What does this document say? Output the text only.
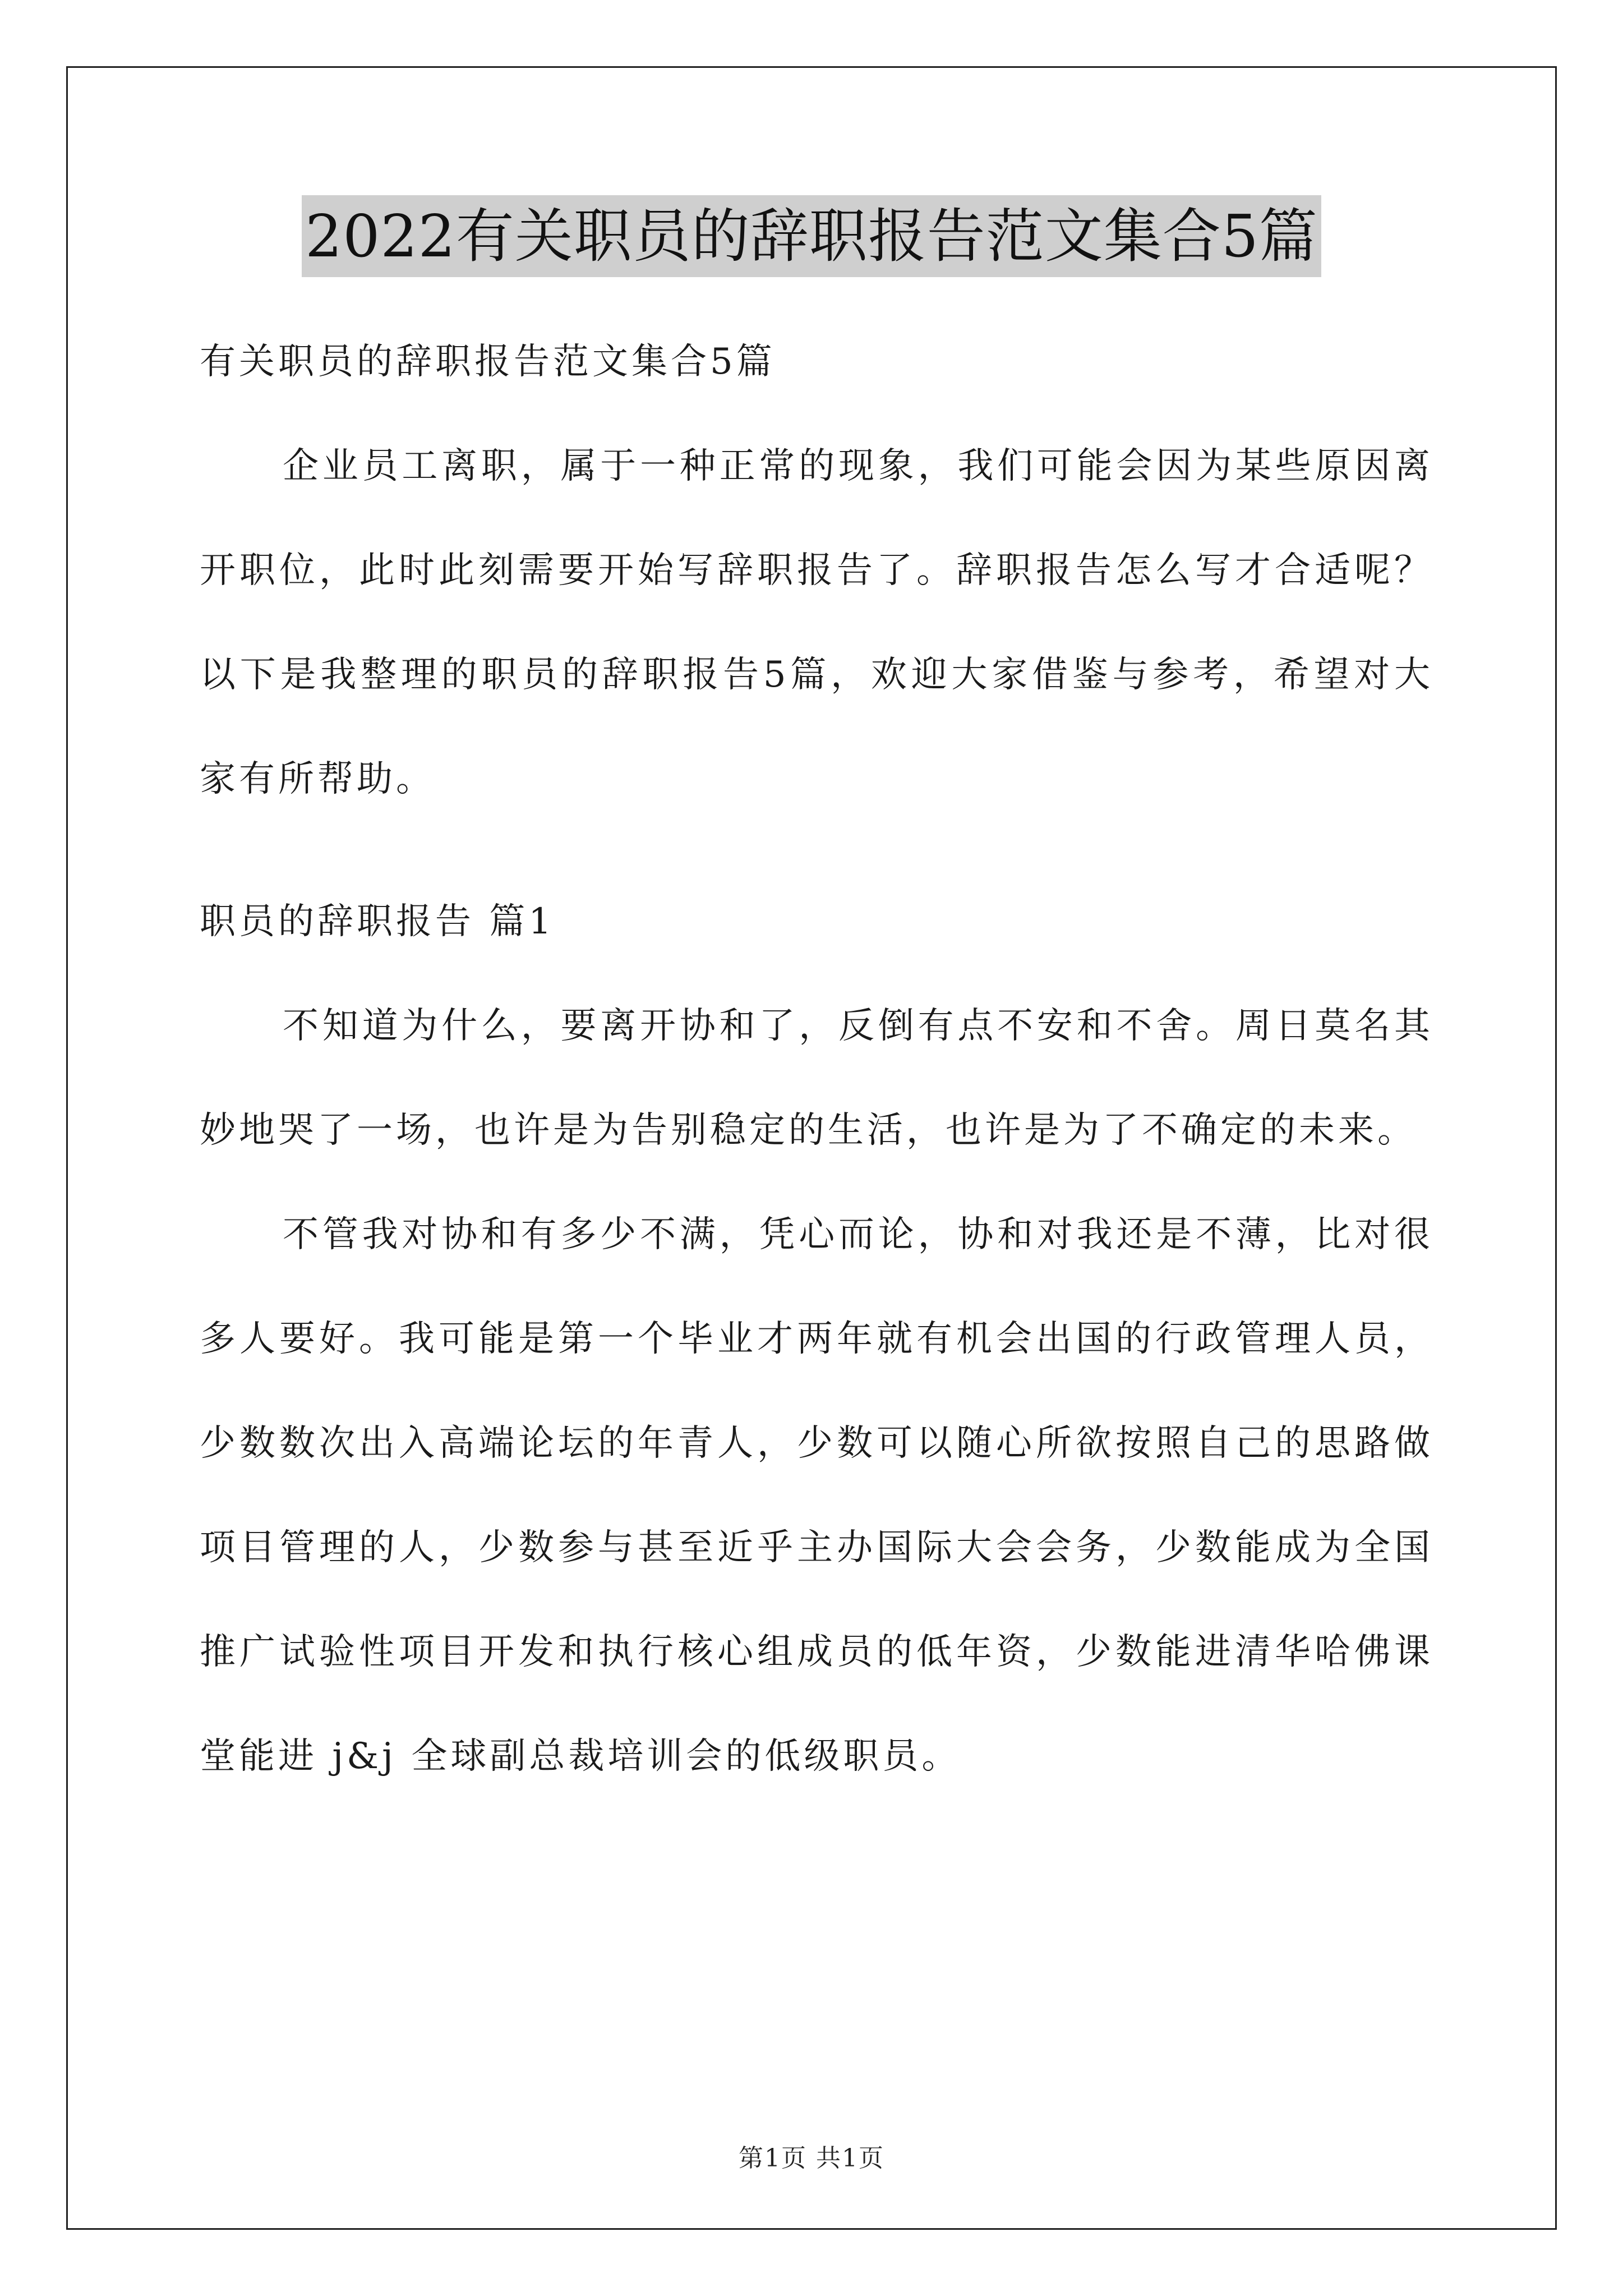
2022有关职员的辞职报告范文集合5篇

有关职员的辞职报告范文集合5篇

企业员工离职，属于一种正常的现象，我们可能会因为某些原因离开职位，此时此刻需要开始写辞职报告了。辞职报告怎么写才合适呢？以下是我整理的职员的辞职报告5篇，欢迎大家借鉴与参考，希望对大家有所帮助。

职员的辞职报告 篇1

不知道为什么，要离开协和了，反倒有点不安和不舍。周日莫名其妙地哭了一场，也许是为告别稳定的生活，也许是为了不确定的未来。

不管我对协和有多少不满，凭心而论，协和对我还是不薄，比对很多人要好。我可能是第一个毕业才两年就有机会出国的行政管理人员，少数数次出入高端论坛的年青人，少数可以随心所欲按照自己的思路做项目管理的人，少数参与甚至近乎主办国际大会会务，少数能成为全国推广试验性项目开发和执行核心组成员的低年资，少数能进清华哈佛课堂能进 j&j 全球副总裁培训会的低级职员。

第1页 共1页
